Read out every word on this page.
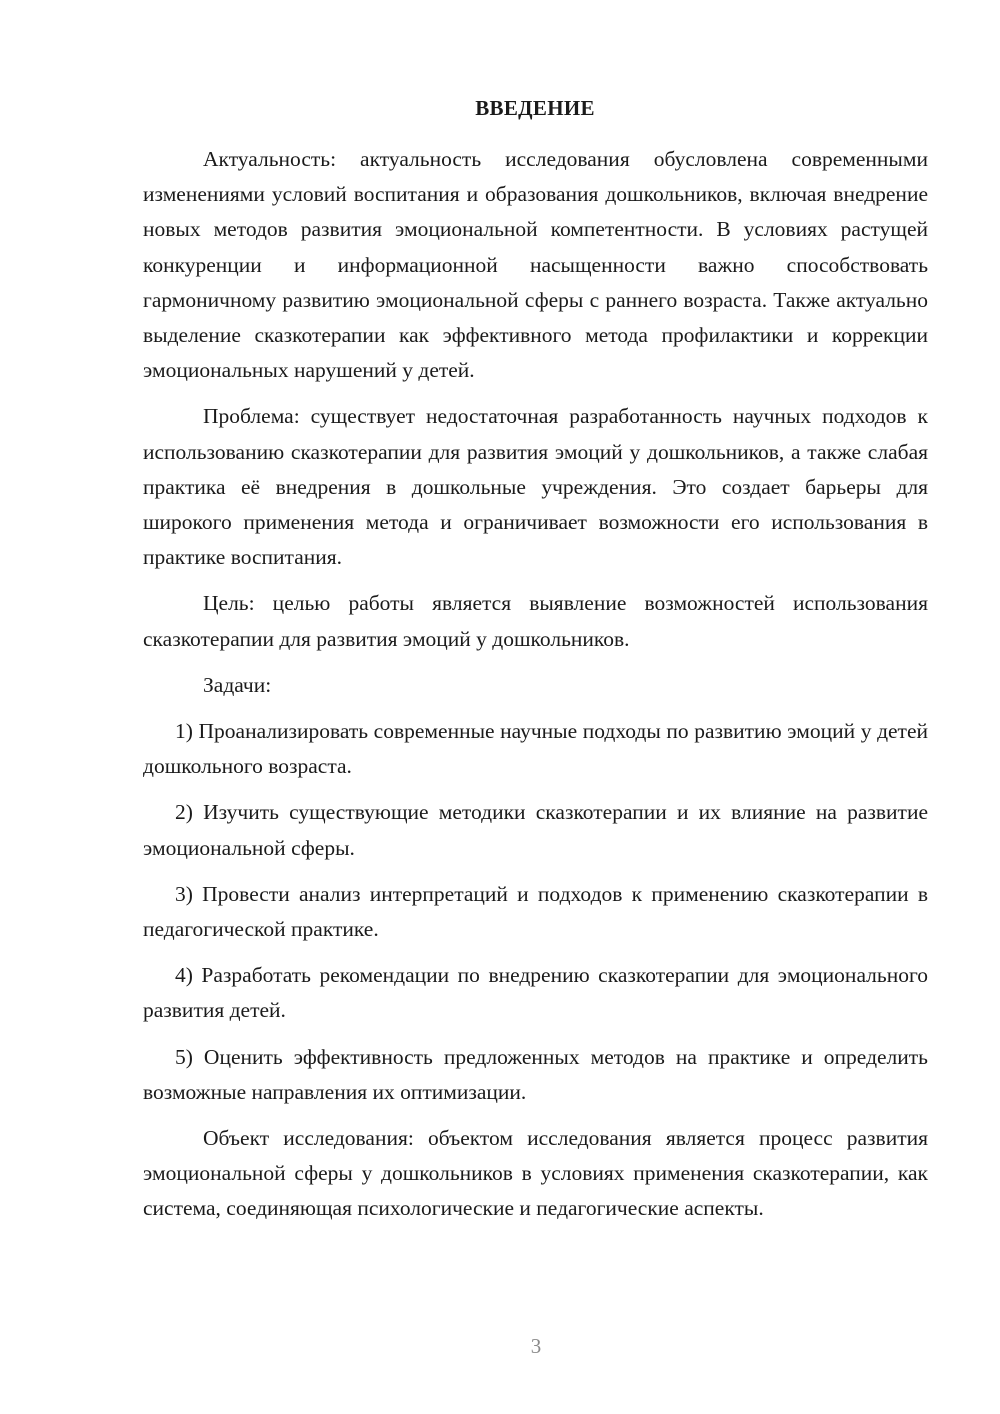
ВВЕДЕНИЕ

Актуальность: актуальность исследования обусловлена современными изменениями условий воспитания и образования дошкольников, включая внедрение новых методов развития эмоциональной компетентности. В условиях растущей конкуренции и информационной насыщенности важно способствовать гармоничному развитию эмоциональной сферы с раннего возраста. Также актуально выделение сказкотерапии как эффективного метода профилактики и коррекции эмоциональных нарушений у детей.

Проблема: существует недостаточная разработанность научных подходов к использованию сказкотерапии для развития эмоций у дошкольников, а также слабая практика её внедрения в дошкольные учреждения. Это создает барьеры для широкого применения метода и ограничивает возможности его использования в практике воспитания.

Цель: целью работы является выявление возможностей использования сказкотерапии для развития эмоций у дошкольников.

Задачи:

1) Проанализировать современные научные подходы по развитию эмоций у детей дошкольного возраста.

2) Изучить существующие методики сказкотерапии и их влияние на развитие эмоциональной сферы.

3) Провести анализ интерпретаций и подходов к применению сказкотерапии в педагогической практике.

4) Разработать рекомендации по внедрению сказкотерапии для эмоционального развития детей.

5) Оценить эффективность предложенных методов на практике и определить возможные направления их оптимизации.

Объект исследования: объектом исследования является процесс развития эмоциональной сферы у дошкольников в условиях применения сказкотерапии, как система, соединяющая психологические и педагогические аспекты.

3
